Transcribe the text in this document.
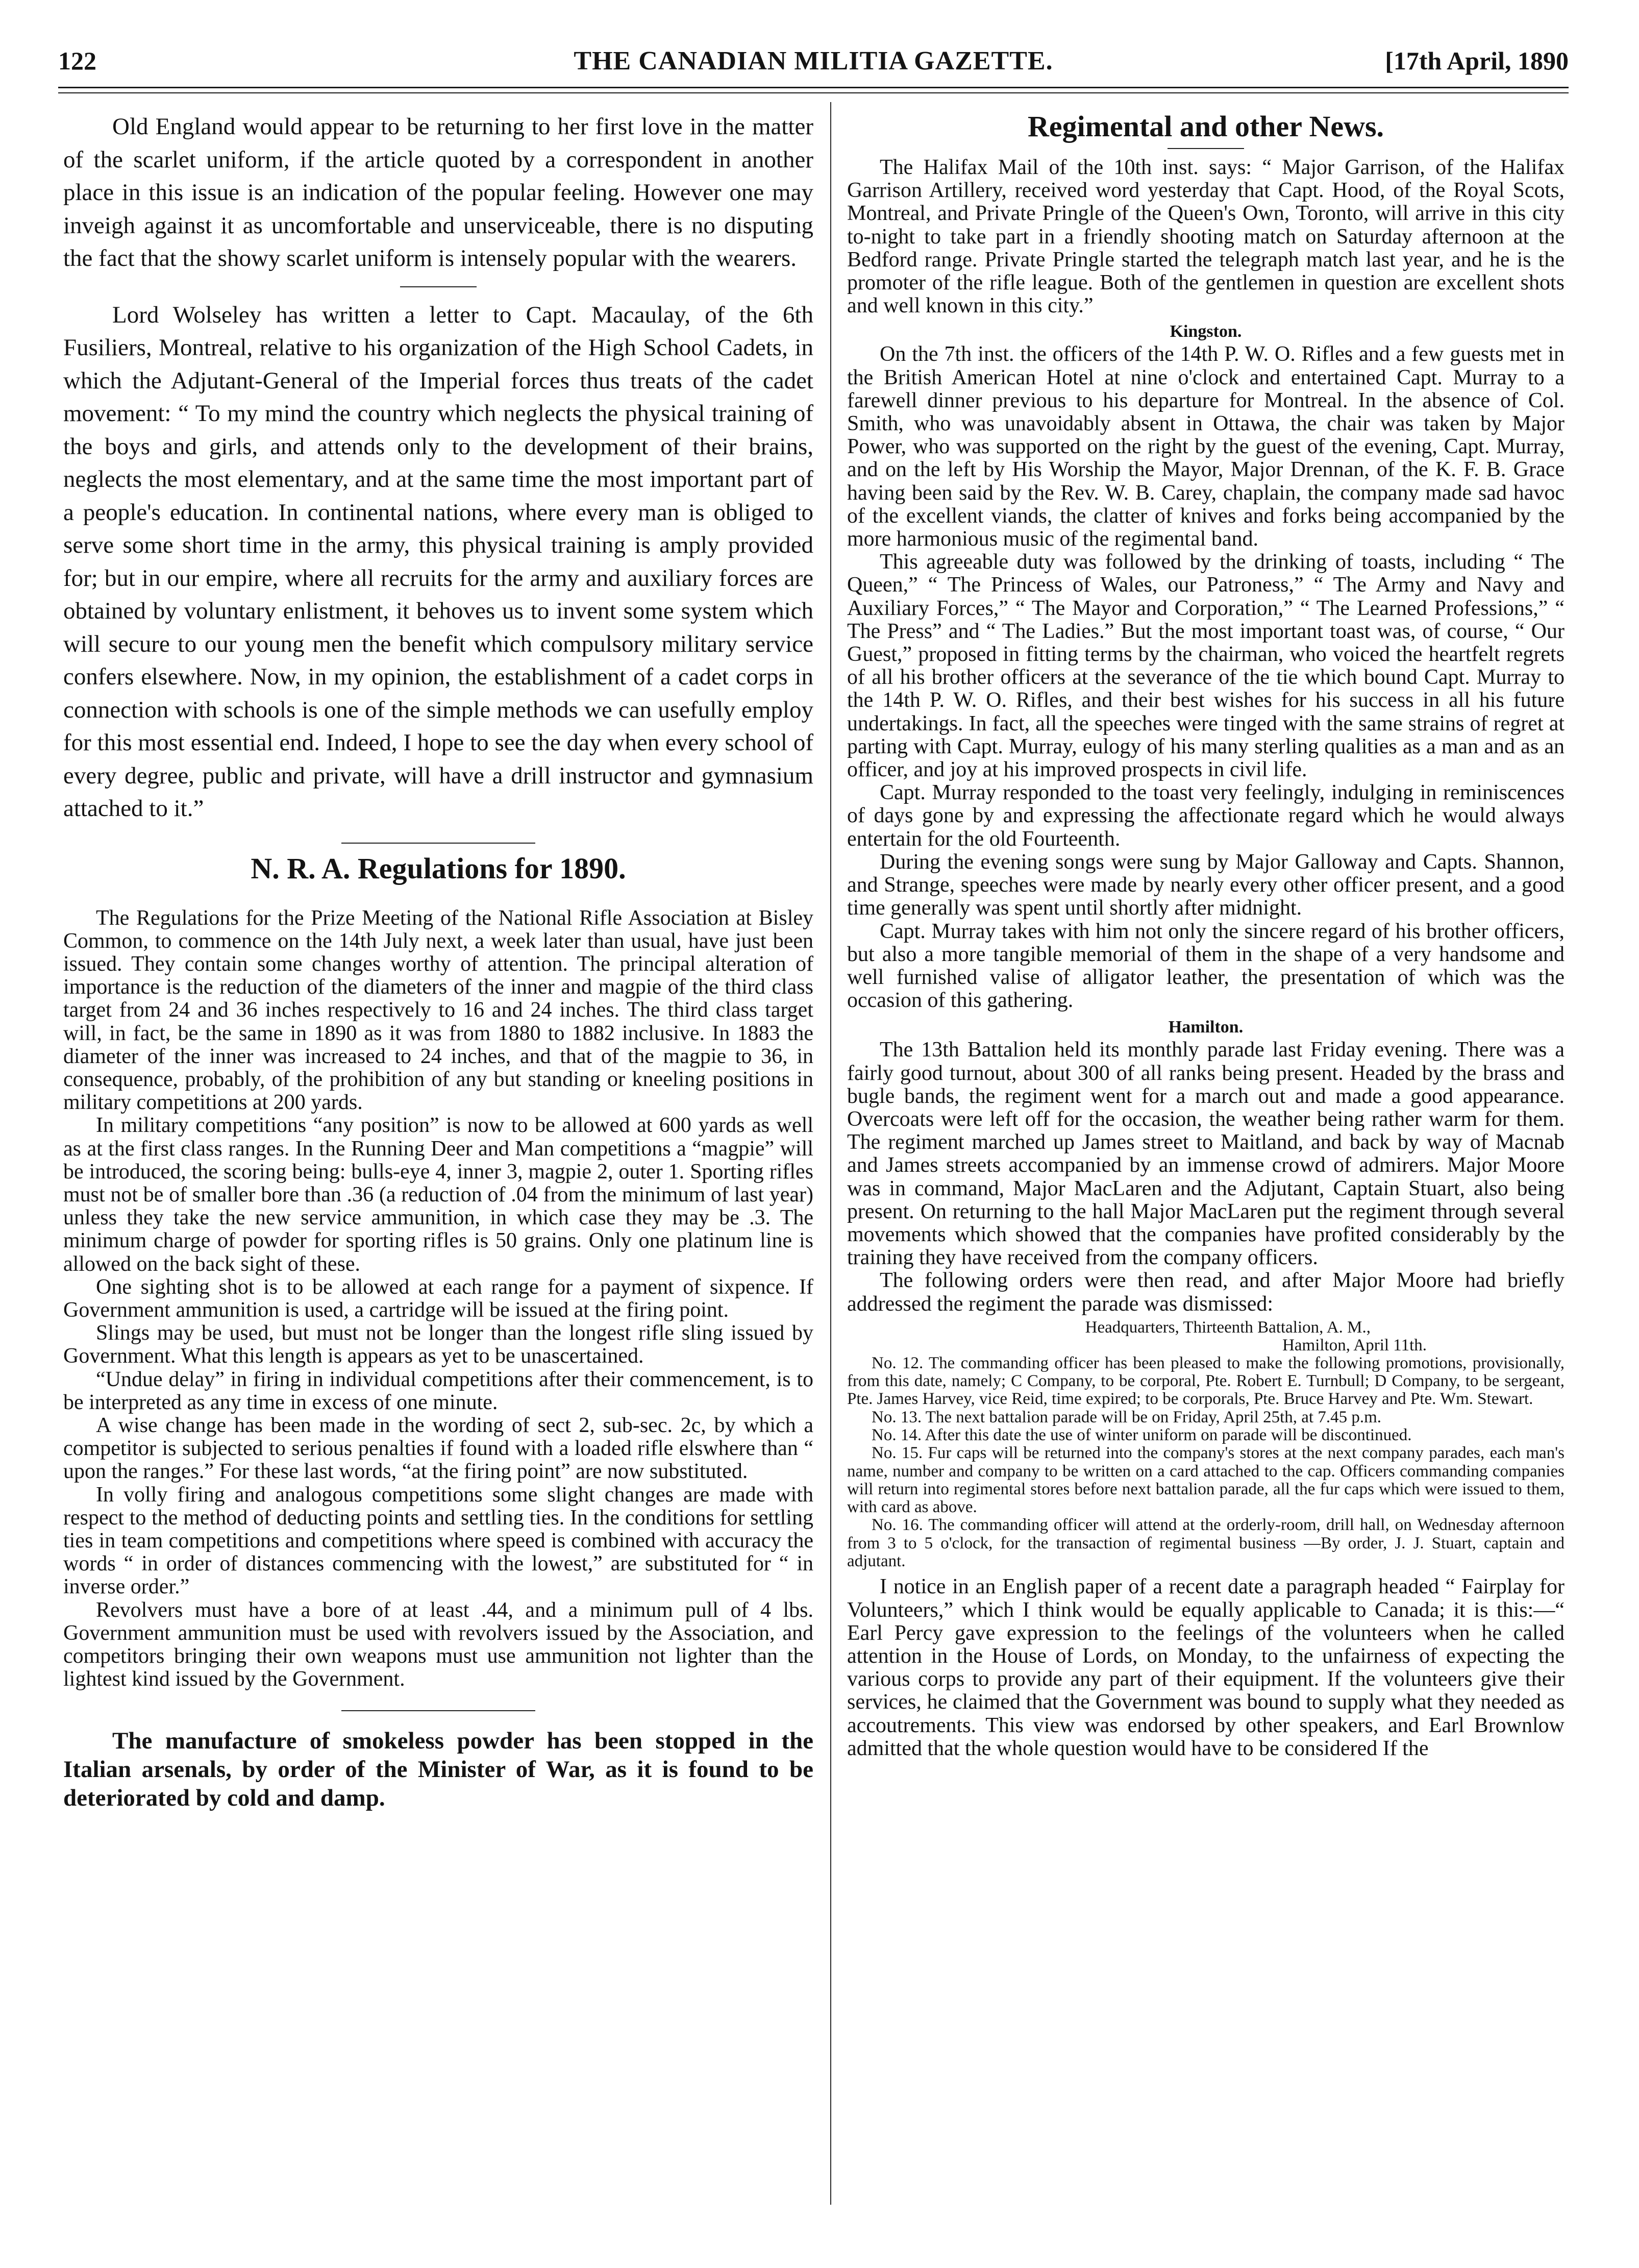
122	THE CANADIAN MILITIA GAZETTE.	[17th April, 1890

Old England would appear to be returning to her first love in the matter of the scarlet uniform, if the article quoted by a correspondent in another place in this issue is an indication of the popular feeling. However one may inveigh against it as uncomfortable and unserviceable, there is no disputing the fact that the showy scarlet uniform is intensely popular with the wearers.

Lord Wolseley has written a letter to Capt. Macaulay, of the 6th Fusiliers, Montreal, relative to his organization of the High School Cadets, in which the Adjutant-General of the Imperial forces thus treats of the cadet movement: “ To my mind the country which neglects the physical training of the boys and girls, and attends only to the development of their brains, neglects the most elementary, and at the same time the most important part of a people's education. In continental nations, where every man is obliged to serve some short time in the army, this physical training is amply provided for; but in our empire, where all recruits for the army and auxiliary forces are obtained by voluntary enlistment, it behoves us to invent some system which will secure to our young men the benefit which compulsory military service confers elsewhere. Now, in my opinion, the establishment of a cadet corps in connection with schools is one of the simple methods we can usefully employ for this most essential end. Indeed, I hope to see the day when every school of every degree, public and private, will have a drill instructor and gymnasium attached to it.”

N. R. A. Regulations for 1890.

The Regulations for the Prize Meeting of the National Rifle Association at Bisley Common, to commence on the 14th July next, a week later than usual, have just been issued. They contain some changes worthy of attention. The principal alteration of importance is the reduction of the diameters of the inner and magpie of the third class target from 24 and 36 inches respectively to 16 and 24 inches. The third class target will, in fact, be the same in 1890 as it was from 1880 to 1882 inclusive. In 1883 the diameter of the inner was increased to 24 inches, and that of the magpie to 36, in consequence, probably, of the prohibition of any but standing or kneeling positions in military competitions at 200 yards.

In military competitions “any position” is now to be allowed at 600 yards as well as at the first class ranges. In the Running Deer and Man competitions a “magpie” will be introduced, the scoring being: bulls-eye 4, inner 3, magpie 2, outer 1. Sporting rifles must not be of smaller bore than .36 (a reduction of .04 from the minimum of last year) unless they take the new service ammunition, in which case they may be .3. The minimum charge of powder for sporting rifles is 50 grains. Only one platinum line is allowed on the back sight of these.

One sighting shot is to be allowed at each range for a payment of sixpence. If Government ammunition is used, a cartridge will be issued at the firing point.

Slings may be used, but must not be longer than the longest rifle sling issued by Government. What this length is appears as yet to be unascertained.

“Undue delay” in firing in individual competitions after their commencement, is to be interpreted as any time in excess of one minute.

A wise change has been made in the wording of sect 2, sub-sec. 2c, by which a competitor is subjected to serious penalties if found with a loaded rifle elswhere than “ upon the ranges.” For these last words, “at the firing point” are now substituted.

In volly firing and analogous competitions some slight changes are made with respect to the method of deducting points and settling ties. In the conditions for settling ties in team competitions and competitions where speed is combined with accuracy the words “ in order of distances commencing with the lowest,” are substituted for “ in inverse order.”

Revolvers must have a bore of at least .44, and a minimum pull of 4 lbs. Government ammunition must be used with revolvers issued by the Association, and competitors bringing their own weapons must use ammunition not lighter than the lightest kind issued by the Government.

The manufacture of smokeless powder has been stopped in the Italian arsenals, by order of the Minister of War, as it is found to be deteriorated by cold and damp.

Regimental and other News.

The Halifax Mail of the 10th inst. says: “ Major Garrison, of the Halifax Garrison Artillery, received word yesterday that Capt. Hood, of the Royal Scots, Montreal, and Private Pringle of the Queen's Own, Toronto, will arrive in this city to-night to take part in a friendly shooting match on Saturday afternoon at the Bedford range. Private Pringle started the telegraph match last year, and he is the promoter of the rifle league. Both of the gentlemen in question are excellent shots and well known in this city.”

Kingston.

On the 7th inst. the officers of the 14th P. W. O. Rifles and a few guests met in the British American Hotel at nine o'clock and entertained Capt. Murray to a farewell dinner previous to his departure for Montreal. In the absence of Col. Smith, who was unavoidably absent in Ottawa, the chair was taken by Major Power, who was supported on the right by the guest of the evening, Capt. Murray, and on the left by His Worship the Mayor, Major Drennan, of the K. F. B. Grace having been said by the Rev. W. B. Carey, chaplain, the company made sad havoc of the excellent viands, the clatter of knives and forks being accompanied by the more harmonious music of the regimental band.

This agreeable duty was followed by the drinking of toasts, including “ The Queen,” “ The Princess of Wales, our Patroness,” “ The Army and Navy and Auxiliary Forces,” “ The Mayor and Corporation,” “ The Learned Professions,” “ The Press” and “ The Ladies.” But the most important toast was, of course, “ Our Guest,” proposed in fitting terms by the chairman, who voiced the heartfelt regrets of all his brother officers at the severance of the tie which bound Capt. Murray to the 14th P. W. O. Rifles, and their best wishes for his success in all his future undertakings. In fact, all the speeches were tinged with the same strains of regret at parting with Capt. Murray, eulogy of his many sterling qualities as a man and as an officer, and joy at his improved prospects in civil life.

Capt. Murray responded to the toast very feelingly, indulging in reminiscences of days gone by and expressing the affectionate regard which he would always entertain for the old Fourteenth.

During the evening songs were sung by Major Galloway and Capts. Shannon, and Strange, speeches were made by nearly every other officer present, and a good time generally was spent until shortly after midnight.

Capt. Murray takes with him not only the sincere regard of his brother officers, but also a more tangible memorial of them in the shape of a very handsome and well furnished valise of alligator leather, the presentation of which was the occasion of this gathering.

Hamilton.

The 13th Battalion held its monthly parade last Friday evening. There was a fairly good turnout, about 300 of all ranks being present. Headed by the brass and bugle bands, the regiment went for a march out and made a good appearance. Overcoats were left off for the occasion, the weather being rather warm for them. The regiment marched up James street to Maitland, and back by way of Macnab and James streets accompanied by an immense crowd of admirers. Major Moore was in command, Major MacLaren and the Adjutant, Captain Stuart, also being present. On returning to the hall Major MacLaren put the regiment through several movements which showed that the companies have profited considerably by the training they have received from the company officers.

The following orders were then read, and after Major Moore had briefly addressed the regiment the parade was dismissed:

Headquarters, Thirteenth Battalion, A. M.,

Hamilton, April 11th.

No. 12. The commanding officer has been pleased to make the following promotions, provisionally, from this date, namely; C Company, to be corporal, Pte. Robert E. Turnbull; D Company, to be sergeant, Pte. James Harvey, vice Reid, time expired; to be corporals, Pte. Bruce Harvey and Pte. Wm. Stewart.

No. 13. The next battalion parade will be on Friday, April 25th, at 7.45 p.m.

No. 14. After this date the use of winter uniform on parade will be discontinued.

No. 15. Fur caps will be returned into the company's stores at the next company parades, each man's name, number and company to be written on a card attached to the cap. Officers commanding companies will return into regimental stores before next battalion parade, all the fur caps which were issued to them, with card as above.

No. 16. The commanding officer will attend at the orderly-room, drill hall, on Wednesday afternoon from 3 to 5 o'clock, for the transaction of regimental business —By order, J. J. Stuart, captain and adjutant.

I notice in an English paper of a recent date a paragraph headed “ Fairplay for Volunteers,” which I think would be equally applicable to Canada; it is this:—“ Earl Percy gave expression to the feelings of the volunteers when he called attention in the House of Lords, on Monday, to the unfairness of expecting the various corps to provide any part of their equipment. If the volunteers give their services, he claimed that the Government was bound to supply what they needed as accoutrements. This view was endorsed by other speakers, and Earl Brownlow admitted that the whole question would have to be considered If the
